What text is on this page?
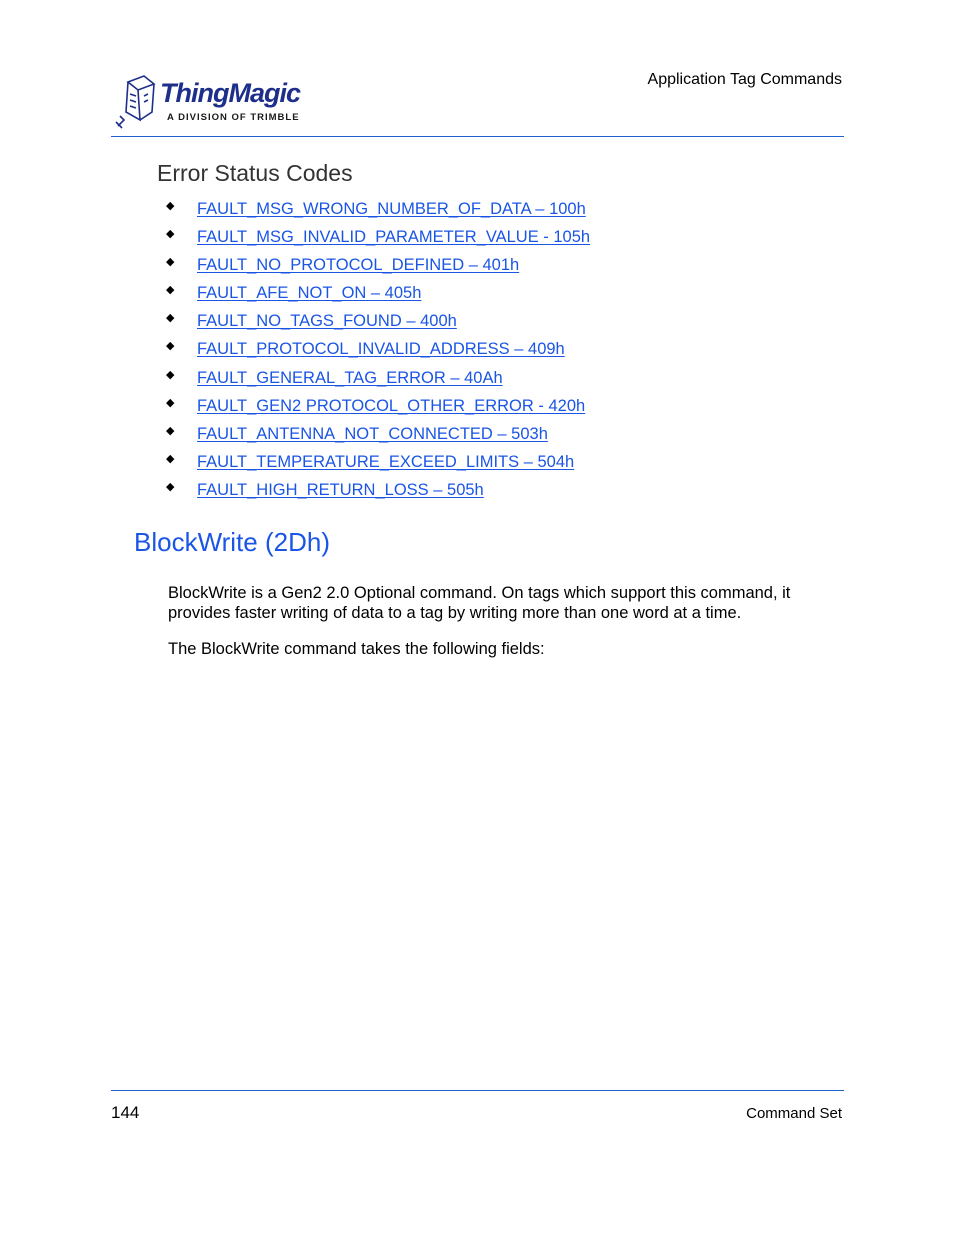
ThingMagic
A DIVISION OF TRIMBLE
Application Tag Commands
Error Status Codes
◆ FAULT_MSG_WRONG_NUMBER_OF_DATA – 100h
◆ FAULT_MSG_INVALID_PARAMETER_VALUE - 105h
◆ FAULT_NO_PROTOCOL_DEFINED – 401h
◆ FAULT_AFE_NOT_ON – 405h
◆ FAULT_NO_TAGS_FOUND – 400h
◆ FAULT_PROTOCOL_INVALID_ADDRESS – 409h
◆ FAULT_GENERAL_TAG_ERROR – 40Ah
◆ FAULT_GEN2 PROTOCOL_OTHER_ERROR - 420h
◆ FAULT_ANTENNA_NOT_CONNECTED – 503h
◆ FAULT_TEMPERATURE_EXCEED_LIMITS – 504h
◆ FAULT_HIGH_RETURN_LOSS – 505h
BlockWrite (2Dh)

BlockWrite is a Gen2 2.0 Optional command. On tags which support this command, it provides faster writing of data to a tag by writing more than one word at a time.

The BlockWrite command takes the following fields:

144	Command Set
